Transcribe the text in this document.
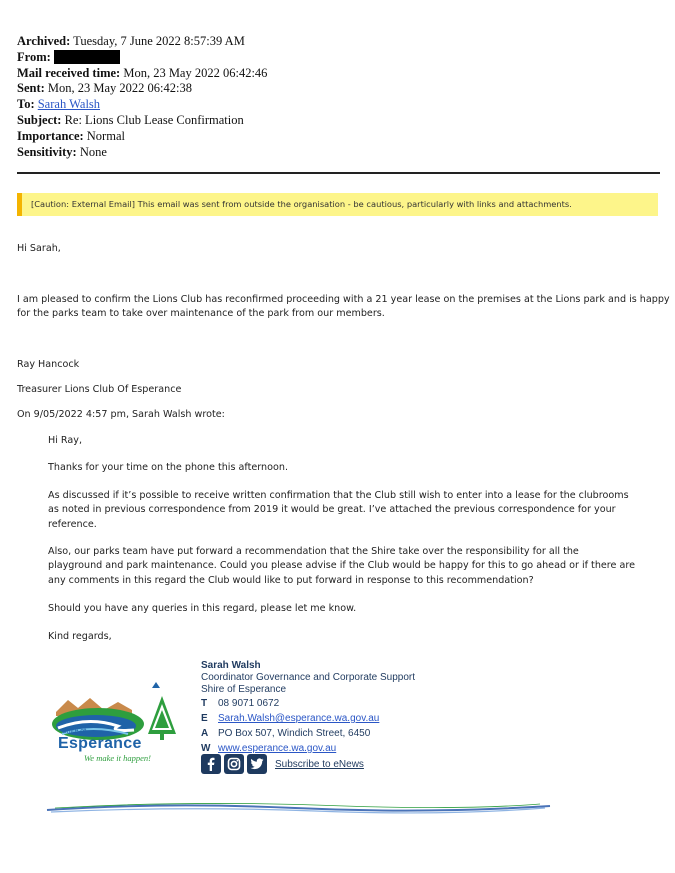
Archived: Tuesday, 7 June 2022 8:57:39 AM
From:
Mail received time: Mon, 23 May 2022 06:42:46
Sent: Mon, 23 May 2022 06:42:38
To: Sarah Walsh
Subject: Re: Lions Club Lease Confirmation
Importance: Normal
Sensitivity: None
[Caution: External Email] This email was sent from outside the organisation - be cautious, particularly with links and attachments.

Hi Sarah,

I am pleased to confirm the Lions Club has reconfirmed proceeding with a 21 year lease on the premises at the Lions park and is happy

for the parks team to take over maintenance of the park from our members.

Ray Hancock

Treasurer Lions Club Of Esperance

On 9/05/2022 4:57 pm, Sarah Walsh wrote:

Hi Ray,

Thanks for your time on the phone this afternoon.

As discussed if it’s possible to receive written confirmation that the Club still wish to enter into a lease for the clubrooms

as noted in previous correspondence from 2019 it would be great. I’ve attached the previous correspondence for your

reference.

Also, our parks team have put forward a recommendation that the Shire take over the responsibility for all the

playground and park maintenance. Could you please advise if the Club would be happy for this to go ahead or if there are

any comments in this regard the Club would like to put forward in response to this recommendation?

Should you have any queries in this regard, please let me know.

Kind regards,

Shire of
Esperance
We make it happen!
Sarah Walsh
Coordinator Governance and Corporate Support
Shire of Esperance
T 08 9071 0672
E Sarah.Walsh@esperance.wa.gov.au
A PO Box 507, Windich Street, 6450
W www.esperance.wa.gov.au
Subscribe to eNews
